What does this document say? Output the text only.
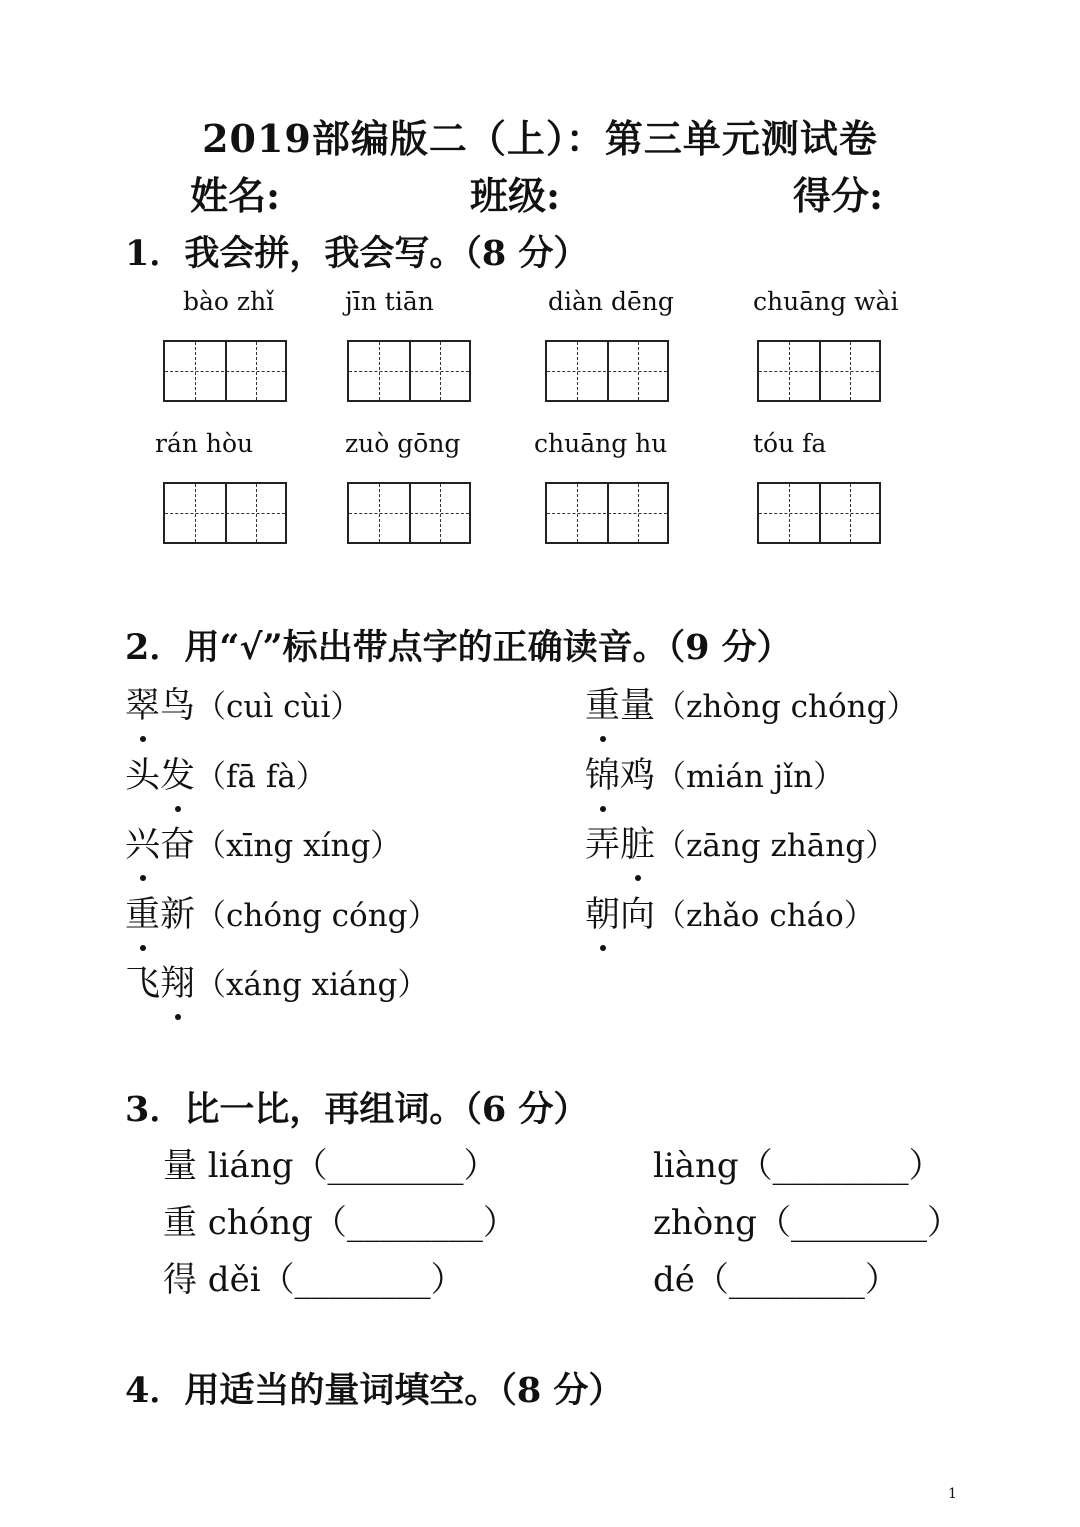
2019部编版二（上）：第三单元测试卷
姓名:	班级:	得分:
1．我会拼，我会写。（8 分）
bào zhǐ	jīn tiān	diàn dēng	chuāng wài
rán hòu	zuò gōng	chuāng hu	tóu fa
2．用“√”标出带点字的正确读音。（9 分）
翠鸟（cuì cùi）	重量（zhòng chóng）
头发（fā fà）	锦鸡（mián jǐn）
兴奋（xīng xíng）	弄脏（zāng zhāng）
重新（chóng cóng）	朝向（zhǎo cháo）
飞翔（xáng xiáng）
3．比一比，再组词。（6 分）
量 liáng（________）	liàng（________）
重 chóng（________）	zhòng（________）
得 děi（________）	dé（________）
4．用适当的量词填空。（8 分）
1
